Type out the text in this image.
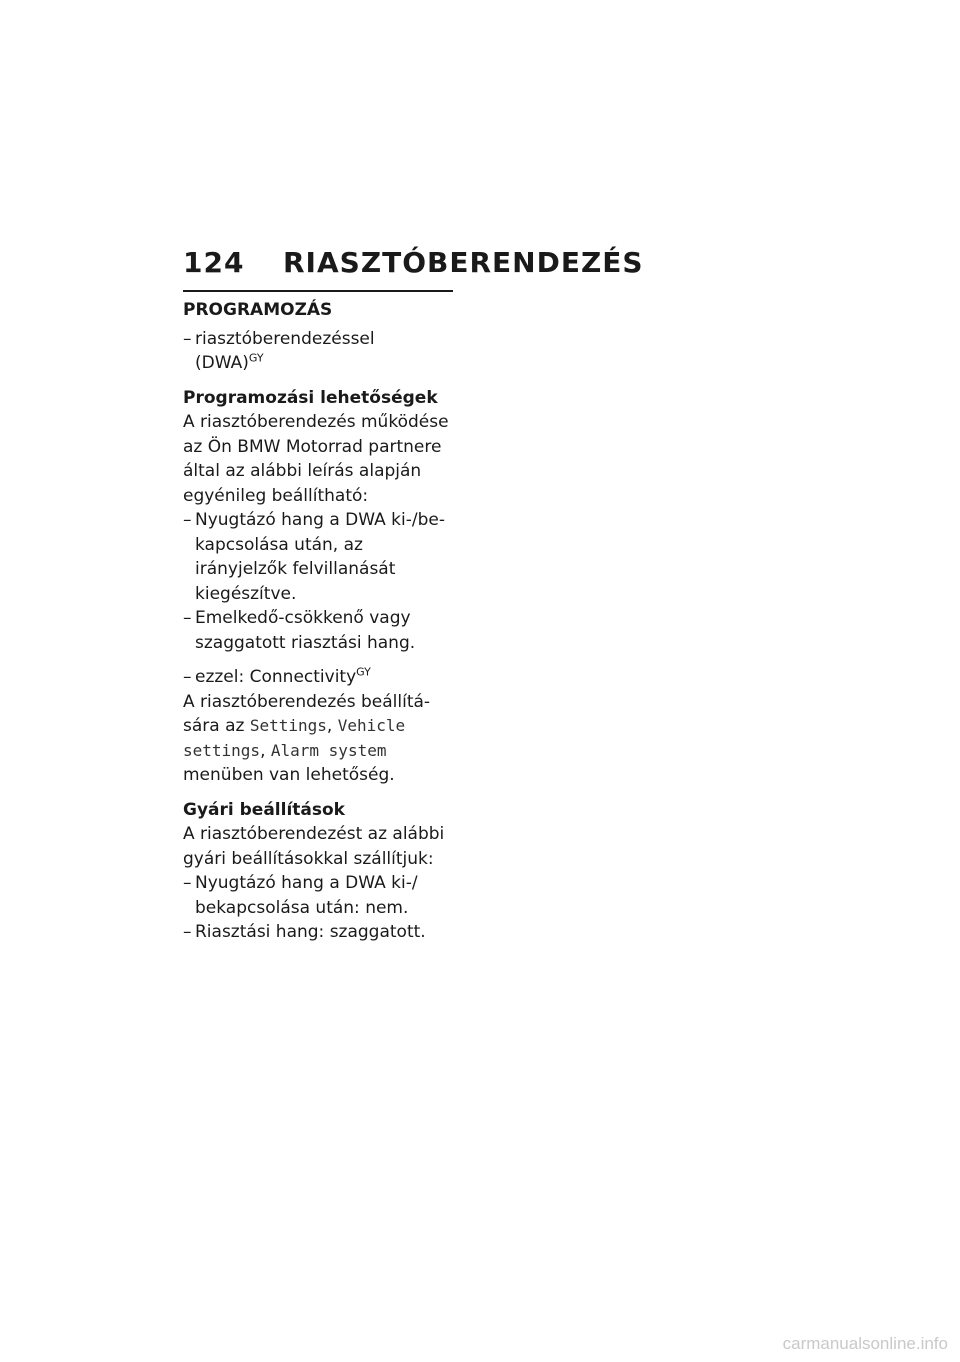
124 RIASZTÓBERENDEZÉS
PROGRAMOZÁS
– riasztóberendezéssel
(DWA)$^{GY}$
Programozási lehetőségek

A riasztóberendezés működése az Ön BMW Motorrad partnere által az alábbi leírás alapján egyénileg beállítható:

– Nyugtázó hang a DWA ki-/bekapcsolása után, az irányjelzők felvillanását kiegészítve.
– Emelkedő-csökkenő vagy szaggatott riasztási hang.
– ezzel: Connectivity$^{GY}$

A riasztóberendezés beállítására az Settings, Vehicle settings, Alarm system menüben van lehetőség.

Gyári beállítások

A riasztóberendezést az alábbi gyári beállításokkal szállítjuk:

– Nyugtázó hang a DWA ki-/ bekapcsolása után: nem.
– Riasztási hang: szaggatott.
carmanualsonline.info
